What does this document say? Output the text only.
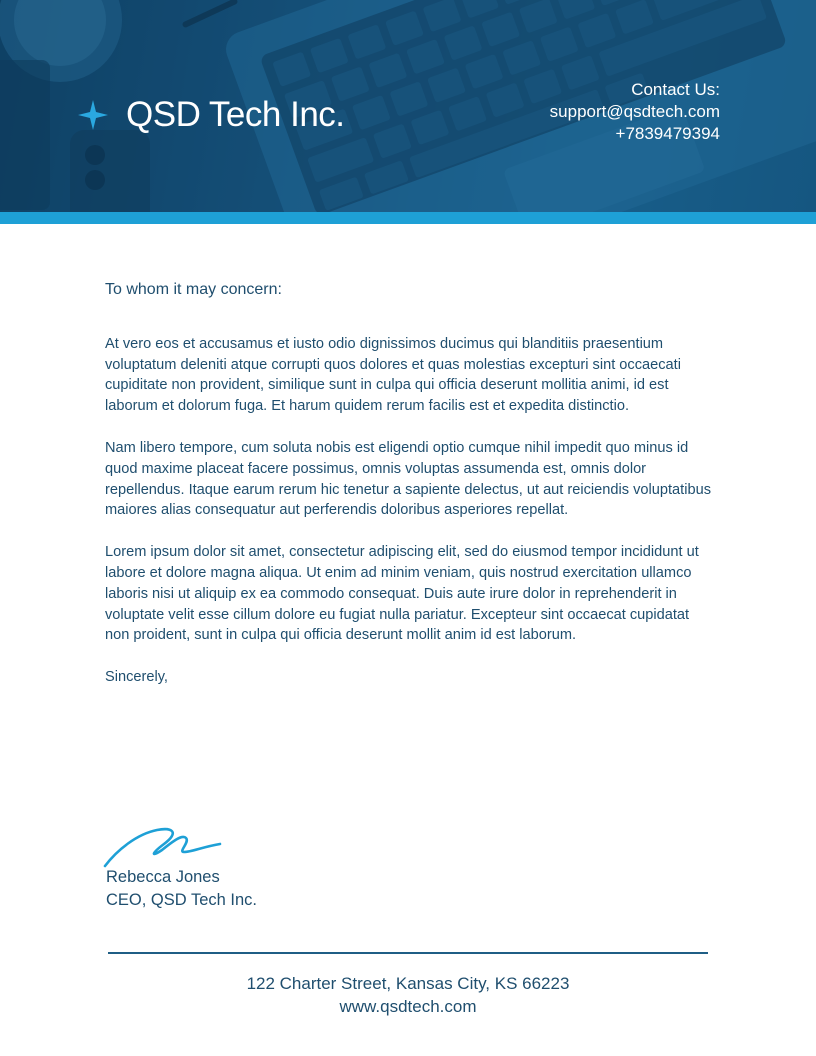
QSD Tech Inc.
Contact Us:
support@qsdtech.com
+7839479394

To whom it may concern:

At vero eos et accusamus et iusto odio dignissimos ducimus qui blanditiis praesentium voluptatum deleniti atque corrupti quos dolores et quas molestias excepturi sint occaecati cupiditate non provident, similique sunt in culpa qui officia deserunt mollitia animi, id est laborum et dolorum fuga. Et harum quidem rerum facilis est et expedita distinctio.

Nam libero tempore, cum soluta nobis est eligendi optio cumque nihil impedit quo minus id quod maxime placeat facere possimus, omnis voluptas assumenda est, omnis dolor repellendus. Itaque earum rerum hic tenetur a sapiente delectus, ut aut reiciendis voluptatibus maiores alias consequatur aut perferendis doloribus asperiores repellat.

Lorem ipsum dolor sit amet, consectetur adipiscing elit, sed do eiusmod tempor incididunt ut labore et dolore magna aliqua. Ut enim ad minim veniam, quis nostrud exercitation ullamco laboris nisi ut aliquip ex ea commodo consequat. Duis aute irure dolor in reprehenderit in voluptate velit esse cillum dolore eu fugiat nulla pariatur. Excepteur sint occaecat cupidatat non proident, sunt in culpa qui officia deserunt mollit anim id est laborum.

Sincerely,

Rebecca Jones
CEO, QSD Tech Inc.
122 Charter Street, Kansas City, KS 66223
www.qsdtech.com
